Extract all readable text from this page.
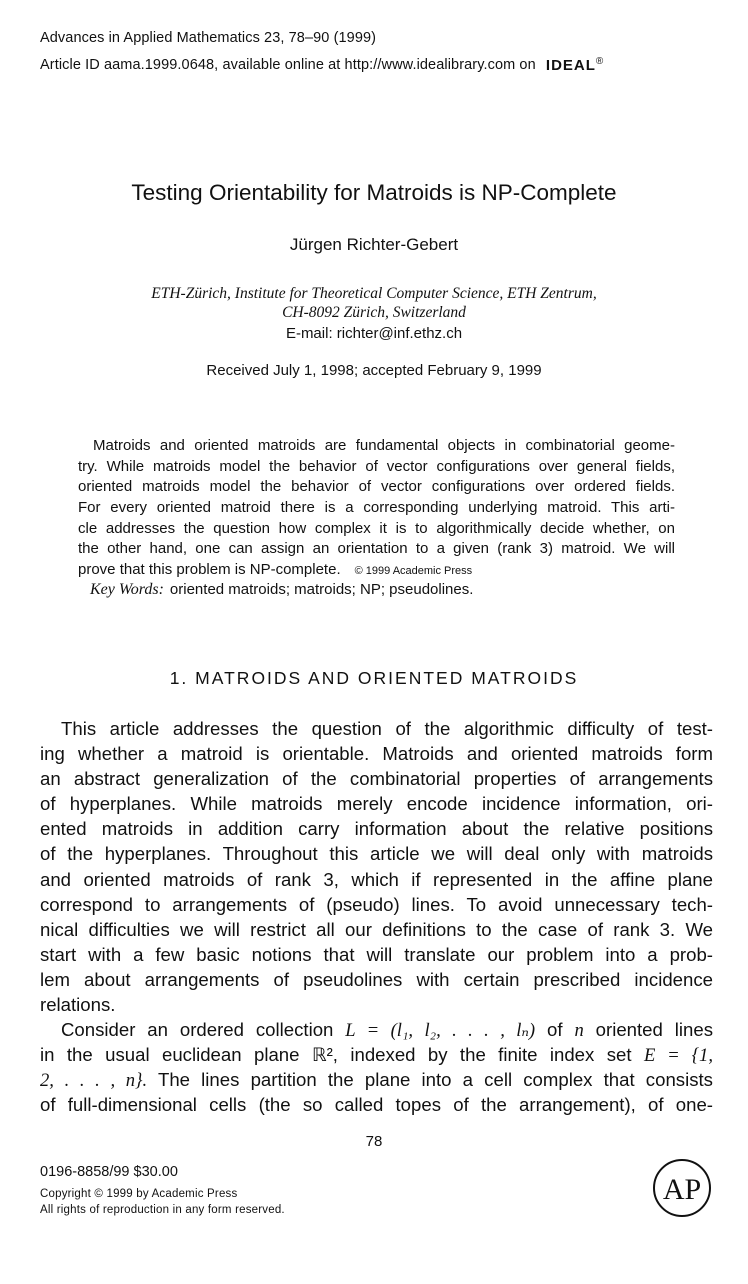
Advances in Applied Mathematics 23, 78–90 (1999)
Article ID aama.1999.0648, available online at http://www.idealibrary.com on IDEAL®
Testing Orientability for Matroids is NP-Complete
Jürgen Richter-Gebert
ETH-Zürich, Institute for Theoretical Computer Science, ETH Zentrum,
CH-8092 Zürich, Switzerland
E-mail: richter@inf.ethz.ch
Received July 1, 1998; accepted February 9, 1999
Matroids and oriented matroids are fundamental objects in combinatorial geome-
try. While matroids model the behavior of vector configurations over general fields,
oriented matroids model the behavior of vector configurations over ordered fields.
For every oriented matroid there is a corresponding underlying matroid. This arti-
cle addresses the question how complex it is to algorithmically decide whether, on
the other hand, one can assign an orientation to a given (rank 3) matroid. We will
prove that this problem is NP-complete. © 1999 Academic Press
Key Words: oriented matroids; matroids; NP; pseudolines.
1. MATROIDS AND ORIENTED MATROIDS
This article addresses the question of the algorithmic difficulty of test-
ing whether a matroid is orientable. Matroids and oriented matroids form
an abstract generalization of the combinatorial properties of arrangements
of hyperplanes. While matroids merely encode incidence information, ori-
ented matroids in addition carry information about the relative positions
of the hyperplanes. Throughout this article we will deal only with matroids
and oriented matroids of rank 3, which if represented in the affine plane
correspond to arrangements of (pseudo) lines. To avoid unnecessary tech-
nical difficulties we will restrict all our definitions to the case of rank 3. We
start with a few basic notions that will translate our problem into a prob-
lem about arrangements of pseudolines with certain prescribed incidence
relations.
Consider an ordered collection L = (l₁, l₂, . . . , lₙ) of n oriented lines
in the usual euclidean plane ℝ², indexed by the finite index set E = {1,
2, . . . , n}. The lines partition the plane into a cell complex that consists
of full-dimensional cells (the so called topes of the arrangement), of one-
78
0196-8858/99 $30.00
Copyright © 1999 by Academic Press
All rights of reproduction in any form reserved.
AP
